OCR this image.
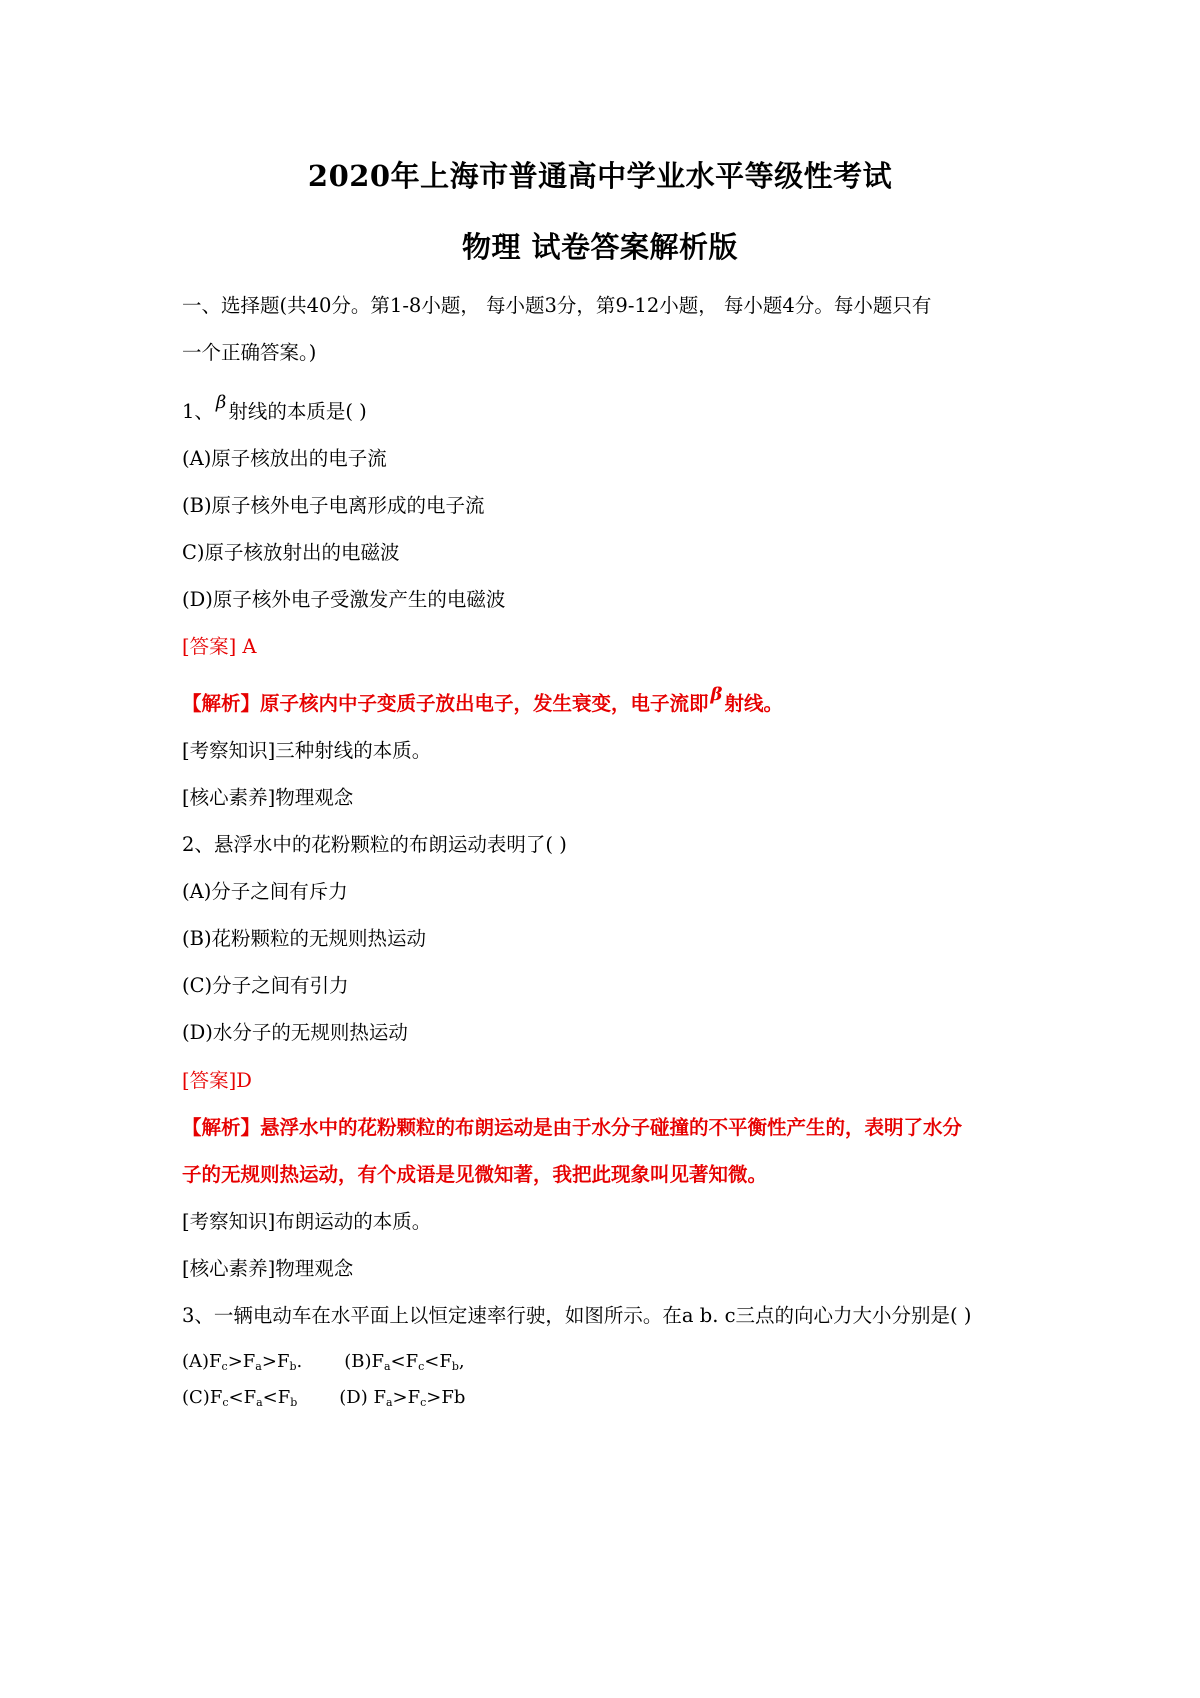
2020年上海市普通高中学业水平等级性考试
物理 试卷答案解析版
一、选择题(共40分。第1-8小题， 每小题3分，第9-12小题， 每小题4分。每小题只有
一个正确答案。)
1、 β 射线的本质是( )
(A)原子核放出的电子流
(B)原子核外电子电离形成的电子流
C)原子核放射出的电磁波
(D)原子核外电子受激发产生的电磁波
[答案] A
【解析】原子核内中子变质子放出电子，发生衰变，电子流即 β 射线。
[考察知识]三种射线的本质。
[核心素养]物理观念
2、悬浮水中的花粉颗粒的布朗运动表明了( )
(A)分子之间有斥力
(B)花粉颗粒的无规则热运动
(C)分子之间有引力
(D)水分子的无规则热运动
[答案]D
【解析】悬浮水中的花粉颗粒的布朗运动是由于水分子碰撞的不平衡性产生的，表明了水分
子的无规则热运动，有个成语是见微知著，我把此现象叫见著知微。
[考察知识]布朗运动的本质。
[核心素养]物理观念
3、一辆电动车在水平面上以恒定速率行驶，如图所示。在a b. c三点的向心力大小分别是( )
$(A)F_c>F_a>F_b$. $(B)F_a<F_c<F_b$,
$(C)F_c<F_a<F_b$ (D) $F_a>F_c>Fb$
